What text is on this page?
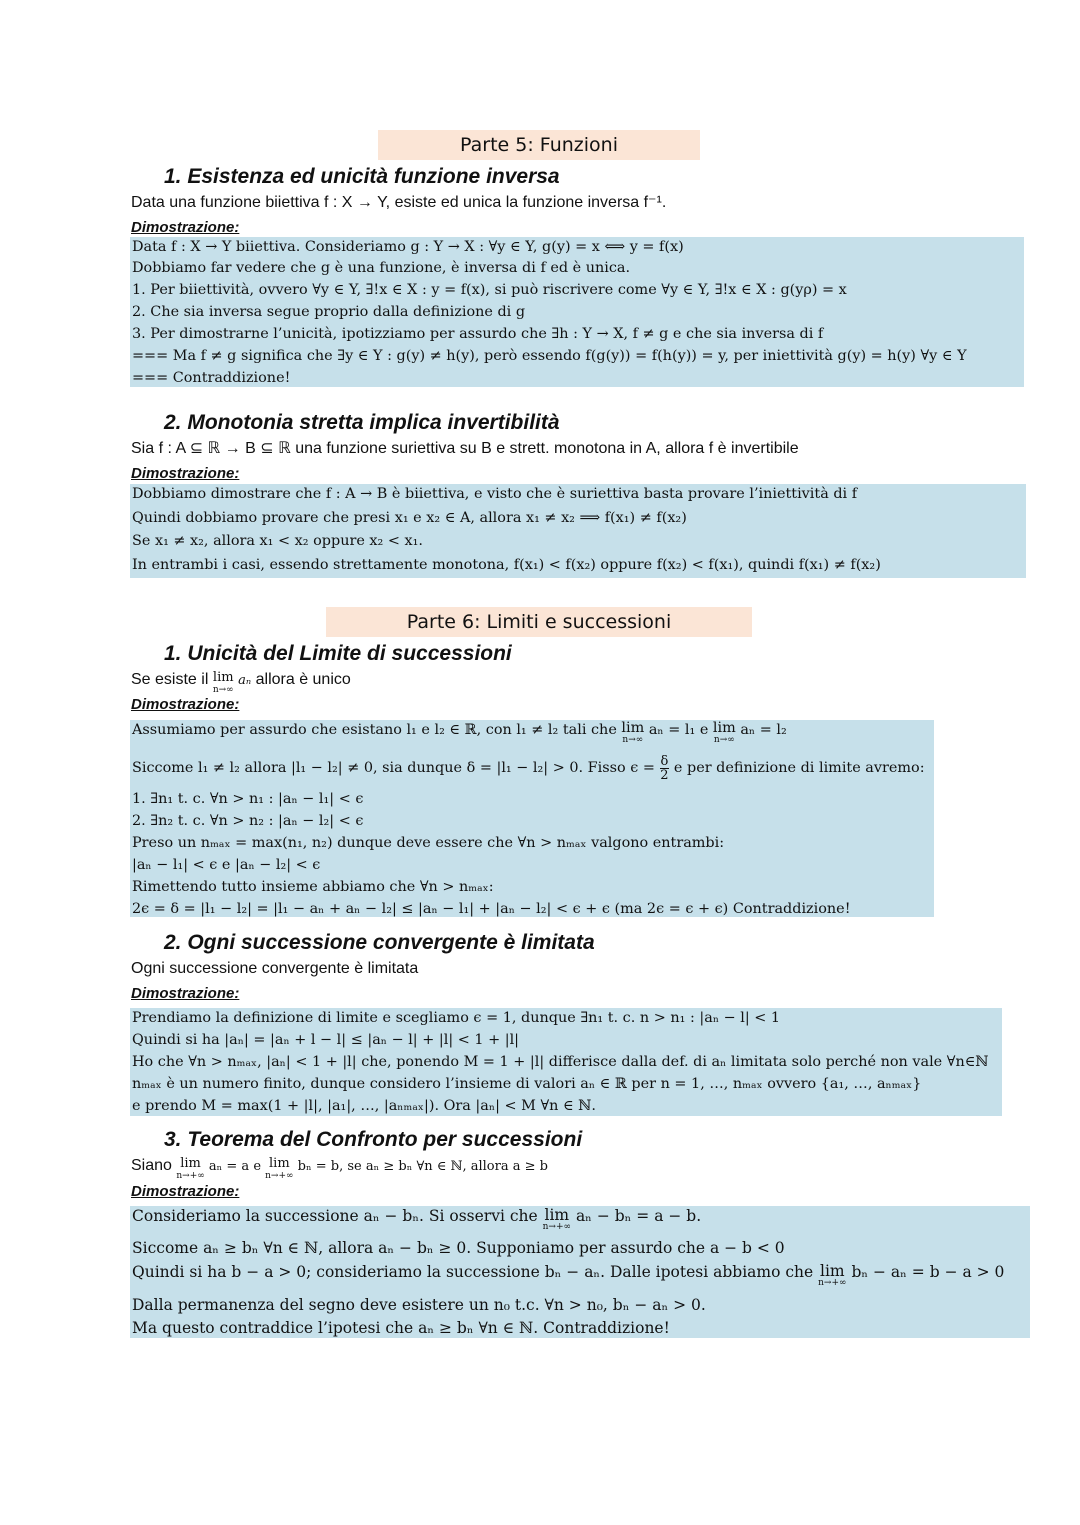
Parte 5: Funzioni
1. Esistenza ed unicità funzione inversa
Data una funzione biiettiva f : X → Y, esiste ed unica la funzione inversa f⁻¹.
Dimostrazione:
Data f : X → Y biiettiva. Consideriamo g : Y → X : ∀y ∈ Y, g(y) = x ⟺ y = f(x)
Dobbiamo far vedere che g è una funzione, è inversa di f ed è unica.
1. Per biiettività, ovvero ∀y ∈ Y, ∃!x ∈ X : y = f(x), si può riscrivere come ∀y ∈ Y, ∃!x ∈ X : g(yρ) = x
2. Che sia inversa segue proprio dalla definizione di g
3. Per dimostrarne l’unicità, ipotizziamo per assurdo che ∃h : Y → X, f ≠ g e che sia inversa di f
=== Ma f ≠ g significa che ∃y ∈ Y : g(y) ≠ h(y), però essendo f(g(y)) = f(h(y)) = y, per iniettività g(y) = h(y) ∀y ∈ Y
=== Contraddizione!
2. Monotonia stretta implica invertibilità
Sia f : A ⊆ ℝ → B ⊆ ℝ una funzione suriettiva su B e strett. monotona in A, allora f è invertibile
Dimostrazione:
Dobbiamo dimostrare che f : A → B è biiettiva, e visto che è suriettiva basta provare l’iniettività di f
Quindi dobbiamo provare che presi x₁ e x₂ ∈ A, allora x₁ ≠ x₂ ⟹ f(x₁) ≠ f(x₂)
Se x₁ ≠ x₂, allora x₁ < x₂ oppure x₂ < x₁.
In entrambi i casi, essendo strettamente monotona, f(x₁) < f(x₂) oppure f(x₂) < f(x₁), quindi f(x₁) ≠ f(x₂)
Parte 6: Limiti e successioni
1. Unicità del Limite di successioni
Se esiste il lim
n→∞
aₙ allora è unico
Dimostrazione:
Assumiamo per assurdo che esistano l₁ e l₂ ∈ ℝ, con l₁ ≠ l₂ tali che lim
n→∞
aₙ = l₁ e lim
n→∞
aₙ = l₂
Siccome l₁ ≠ l₂ allora |l₁ − l₂| ≠ 0, sia dunque δ = |l₁ − l₂| > 0. Fisso $\epsilon = \frac{\delta}{2}$ e per definizione di limite avremo:
1. ∃n₁ t. c. ∀n > n₁ : |aₙ − l₁| < ϵ
2. ∃n₂ t. c. ∀n > n₂ : |aₙ − l₂| < ϵ
Preso un nₘₐₓ = max(n₁, n₂) dunque deve essere che ∀n > nₘₐₓ valgono entrambi:
|aₙ − l₁| < ϵ e |aₙ − l₂| < ϵ
Rimettendo tutto insieme abbiamo che ∀n > nₘₐₓ:
2ϵ = δ = |l₁ − l₂| = |l₁ − aₙ + aₙ − l₂| ≤ |aₙ − l₁| + |aₙ − l₂| < ϵ + ϵ (ma 2ϵ = ϵ + ϵ) Contraddizione!
2. Ogni successione convergente è limitata
Ogni successione convergente è limitata
Dimostrazione:
Prendiamo la definizione di limite e scegliamo ϵ = 1, dunque ∃n₁ t. c. n > n₁ : |aₙ − l| < 1
Quindi si ha |aₙ| = |aₙ + l − l| ≤ |aₙ − l| + |l| < 1 + |l|
Ho che ∀n > nₘₐₓ, |aₙ| < 1 + |l| che, ponendo M = 1 + |l| differisce dalla def. di aₙ limitata solo perché non vale ∀n∈ℕ
nₘₐₓ è un numero finito, dunque considero l’insieme di valori aₙ ∈ ℝ per n = 1, …, nₘₐₓ ovvero {a₁, …, aₙₘₐₓ}
e prendo M = max(1 + |l|, |a₁|, …, |aₙₘₐₓ|). Ora |aₙ| < M ∀n ∈ ℕ.
3. Teorema del Confronto per successioni
Siano lim
n→+∞
aₙ = a e lim
n→+∞
bₙ = b, se aₙ ≥ bₙ ∀n ∈ ℕ, allora a ≥ b
Dimostrazione:
Consideriamo la successione aₙ − bₙ. Si osservi che lim
n→+∞
aₙ − bₙ = a − b.
Siccome aₙ ≥ bₙ ∀n ∈ ℕ, allora aₙ − bₙ ≥ 0. Supponiamo per assurdo che a − b < 0
Quindi si ha b − a > 0; consideriamo la successione bₙ − aₙ. Dalle ipotesi abbiamo che lim
n→+∞
bₙ − aₙ = b − a > 0
Dalla permanenza del segno deve esistere un n₀ t.c. ∀n > n₀, bₙ − aₙ > 0.
Ma questo contraddice l’ipotesi che aₙ ≥ bₙ ∀n ∈ ℕ. Contraddizione!
